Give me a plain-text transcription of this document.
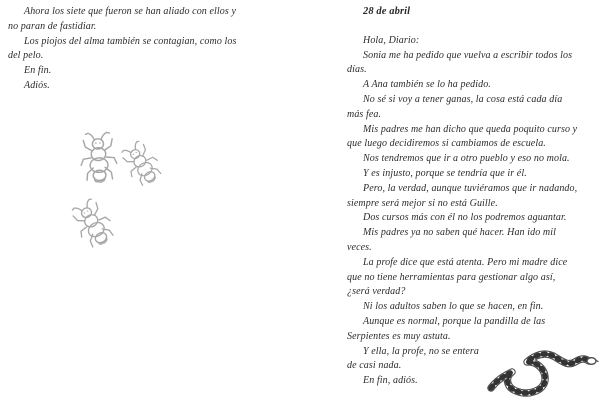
Ahora los siete que fueron se han aliado con ellos y
no paran de fastidiar.

Los piojos del alma también se contagian, como los
del pelo.

En fin.

Adiós.

28 de abril

Hola, Diario:

Sonia me ha pedido que vuelva a escribir todos los
días.

A Ana también se lo ha pedido.

No sé si voy a tener ganas, la cosa está cada día
más fea.

Mis padres me han dicho que queda poquito curso y
que luego decidiremos si cambiamos de escuela.

Nos tendremos que ir a otro pueblo y eso no mola.

Y es injusto, porque se tendría que ir él.

Pero, la verdad, aunque tuviéramos que ir nadando,
siempre será mejor si no está Guille.

Dos cursos más con él no los podremos aguantar.

Mis padres ya no saben qué hacer. Han ido mil
veces.

La profe dice que está atenta. Pero mi madre dice
que no tiene herramientas para gestionar algo así,
¿será verdad?

Ni los adultos saben lo que se hacen, en fin.

Aunque es normal, porque la pandilla de las
Serpientes es muy astuta.

Y ella, la profe, no se entera
de casi nada.

En fin, adiós.
